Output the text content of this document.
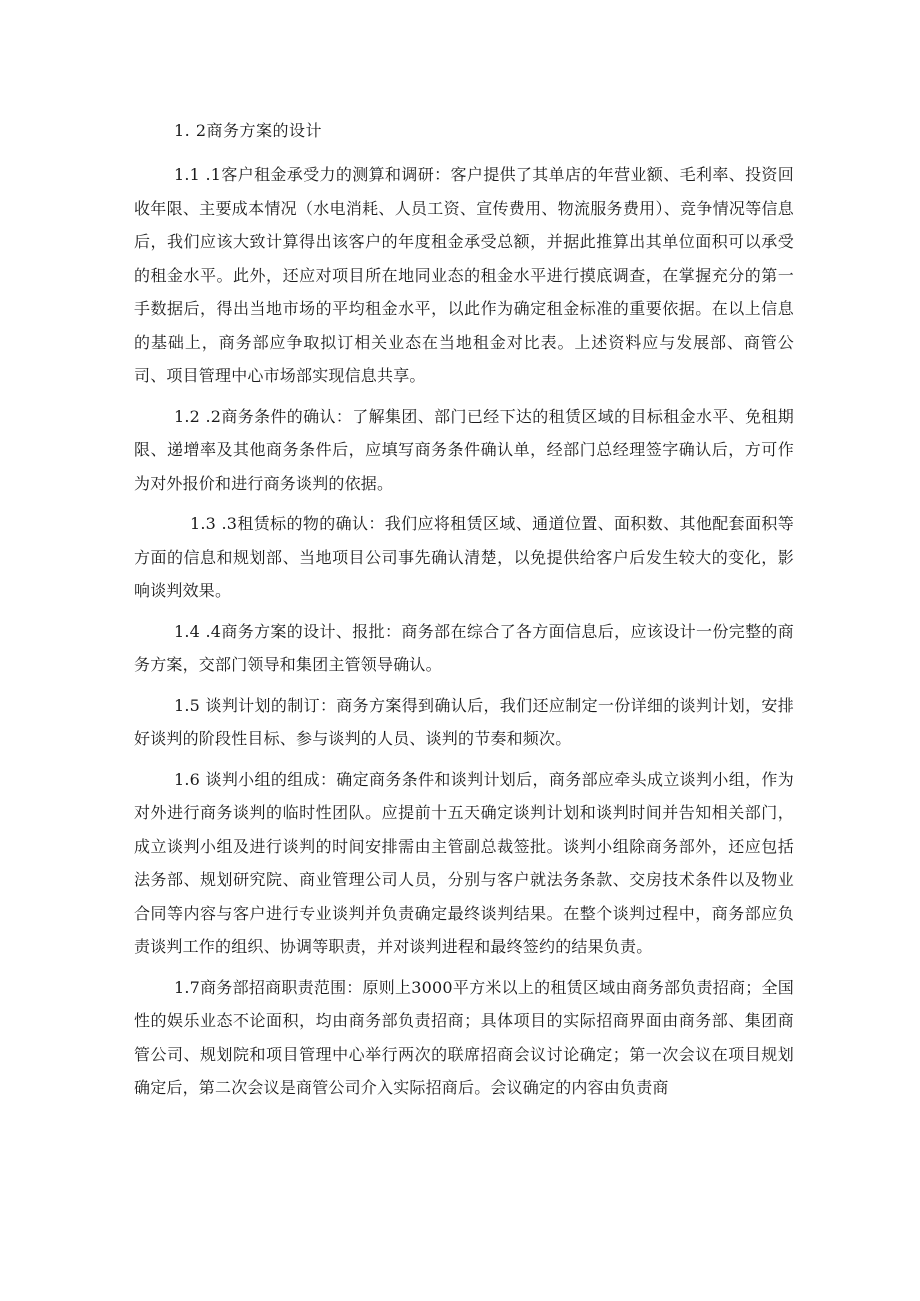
1. 2商务方案的设计

1.1 .1客户租金承受力的测算和调研：客户提供了其单店的年营业额、毛利率、投资回收年限、主要成本情况（水电消耗、人员工资、宣传费用、物流服务费用）、竞争情况等信息后，我们应该大致计算得出该客户的年度租金承受总额，并据此推算出其单位面积可以承受的租金水平。此外，还应对项目所在地同业态的租金水平进行摸底调查，在掌握充分的第一手数据后，得出当地市场的平均租金水平，以此作为确定租金标准的重要依据。在以上信息的基础上，商务部应争取拟订相关业态在当地租金对比表。上述资料应与发展部、商管公司、项目管理中心市场部实现信息共享。

1.2 .2商务条件的确认：了解集团、部门已经下达的租赁区域的目标租金水平、免租期限、递增率及其他商务条件后，应填写商务条件确认单，经部门总经理签字确认后，方可作为对外报价和进行商务谈判的依据。

1.3 .3租赁标的物的确认：我们应将租赁区域、通道位置、面积数、其他配套面积等方面的信息和规划部、当地项目公司事先确认清楚，以免提供给客户后发生较大的变化，影响谈判效果。

1.4 .4商务方案的设计、报批：商务部在综合了各方面信息后，应该设计一份完整的商务方案，交部门领导和集团主管领导确认。

1.5 谈判计划的制订：商务方案得到确认后，我们还应制定一份详细的谈判计划，安排好谈判的阶段性目标、参与谈判的人员、谈判的节奏和频次。

1.6 谈判小组的组成：确定商务条件和谈判计划后，商务部应牵头成立谈判小组，作为对外进行商务谈判的临时性团队。应提前十五天确定谈判计划和谈判时间并告知相关部门，成立谈判小组及进行谈判的时间安排需由主管副总裁签批。谈判小组除商务部外，还应包括法务部、规划研究院、商业管理公司人员，分别与客户就法务条款、交房技术条件以及物业合同等内容与客户进行专业谈判并负责确定最终谈判结果。在整个谈判过程中，商务部应负责谈判工作的组织、协调等职责，并对谈判进程和最终签约的结果负责。

1.7商务部招商职责范围：原则上3000平方米以上的租赁区域由商务部负责招商；全国性的娱乐业态不论面积，均由商务部负责招商；具体项目的实际招商界面由商务部、集团商管公司、规划院和项目管理中心举行两次的联席招商会议讨论确定；第一次会议在项目规划确定后，第二次会议是商管公司介入实际招商后。会议确定的内容由负责商
